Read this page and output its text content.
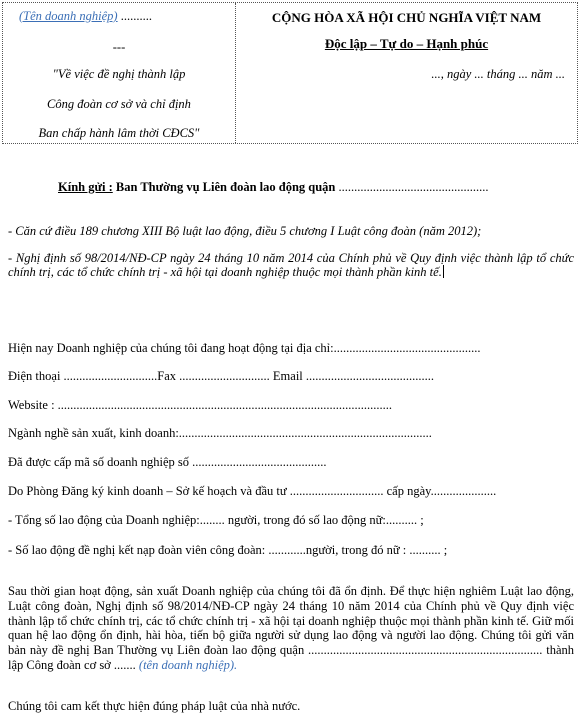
(Tên doanh nghiệp) ..........
---
"Về việc đề nghị thành lập
Công đoàn cơ sở và chỉ định
Ban chấp hành lâm thời CĐCS"
CỘNG HÒA XÃ HỘI CHỦ NGHĨA VIỆT NAM
Độc lập – Tự do – Hạnh phúc
..., ngày ... tháng ... năm ...
Kính gửi : Ban Thường vụ Liên đoàn lao động quận ................................................
- Căn cứ điều 189 chương XIII Bộ luật lao động, điều 5 chương I Luật công đoàn (năm 2012);
- Nghị định số 98/2014/NĐ-CP ngày 24 tháng 10 năm 2014 của Chính phủ về Quy định việc thành lập tổ chức chính trị, các tổ chức chính trị - xã hội tại doanh nghiệp thuộc mọi thành phần kinh tế.
Hiện nay Doanh nghiệp của chúng tôi đang hoạt động tại địa chỉ:...............................................
Điện thoại ..............................Fax ............................. Email .........................................
Website : ...........................................................................................................
Ngành nghề sản xuất, kinh doanh:.................................................................................
Đã được cấp mã số doanh nghiệp số ...........................................
Do Phòng Đăng ký kinh doanh – Sở kế hoạch và đầu tư .............................. cấp ngày.....................
- Tổng số lao động của Doanh nghiệp:........ người, trong đó số lao động nữ:.......... ;
- Số lao động đề nghị kết nạp đoàn viên công đoàn: ............người, trong đó nữ : .......... ;
Sau thời gian hoạt động, sản xuất Doanh nghiệp của chúng tôi đã ổn định. Để thực hiện nghiêm Luật lao động, Luật công đoàn, Nghị định số 98/2014/NĐ-CP ngày 24 tháng 10 năm 2014 của Chính phủ về Quy định việc thành lập tổ chức chính trị, các tổ chức chính trị - xã hội tại doanh nghiệp thuộc mọi thành phần kinh tế. Giữ mối quan hệ lao động ổn định, hài hòa, tiến bộ giữa người sử dụng lao động và người lao động. Chúng tôi gửi văn bản này đề nghị Ban Thường vụ Liên đoàn lao động quận ........................................................................... thành lập Công đoàn cơ sở ....... (tên doanh nghiệp).
Chúng tôi cam kết thực hiện đúng pháp luật của nhà nước.
